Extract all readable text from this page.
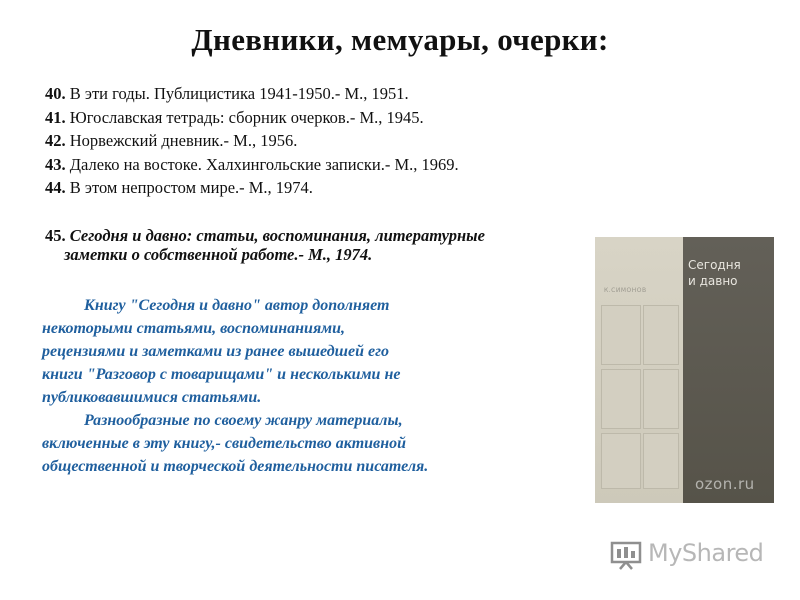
Дневники, мемуары, очерки:
40. В эти годы. Публицистика 1941-1950.- М., 1951.
41. Югославская тетрадь: сборник очерков.- М., 1945.
42. Норвежский дневник.- М., 1956.
43. Далеко на востоке. Халхингольские записки.- М., 1969.
44. В этом непростом мире.- М., 1974.
45. Сегодня и давно: статьи, воспоминания, литературные
заметки о собственной работе.- М., 1974.
Книгу "Сегодня и давно" автор дополняет
некоторыми статьями, воспоминаниями,
рецензиями и заметками из ранее вышедшей его
книги "Разговор с товарищами" и несколькими не
публиковавшимися статьями.
Разнообразные по своему жанру материалы,
включенные в эту книгу,- свидетельство активной
общественной и творческой деятельности писателя.
К.СИМОНОВ
Сегодня
и давно
ozon.ru
MyShared
